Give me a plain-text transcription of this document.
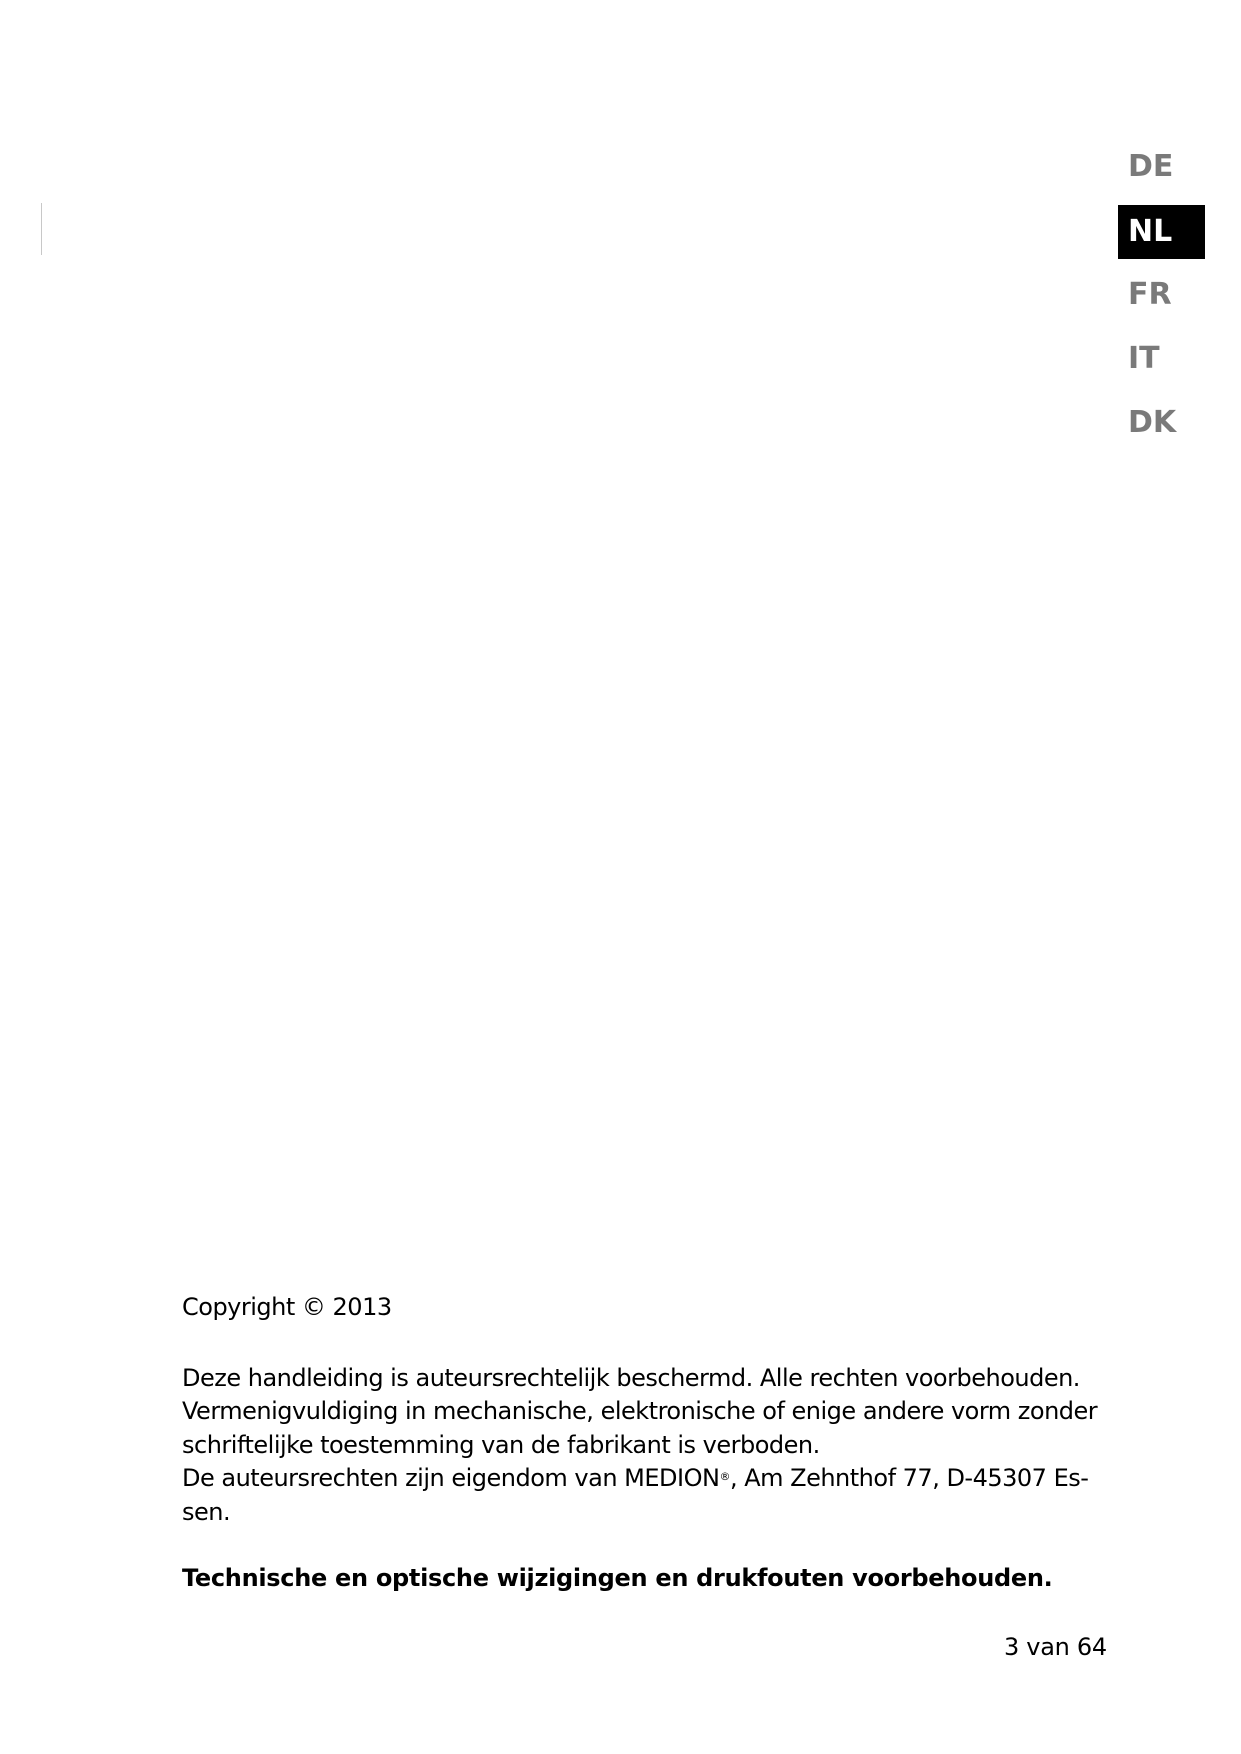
DE
NL
FR
IT
DK

Copyright © 2013

Deze handleiding is auteursrechtelijk beschermd. Alle rechten voorbehouden.
Vermenigvuldiging in mechanische, elektronische of enige andere vorm zonder
schriftelijke toestemming van de fabrikant is verboden.
De auteursrechten zijn eigendom van MEDION®, Am Zehnthof 77, D-45307 Es-
sen.

Technische en optische wijzigingen en drukfouten voorbehouden.

3 van 64
